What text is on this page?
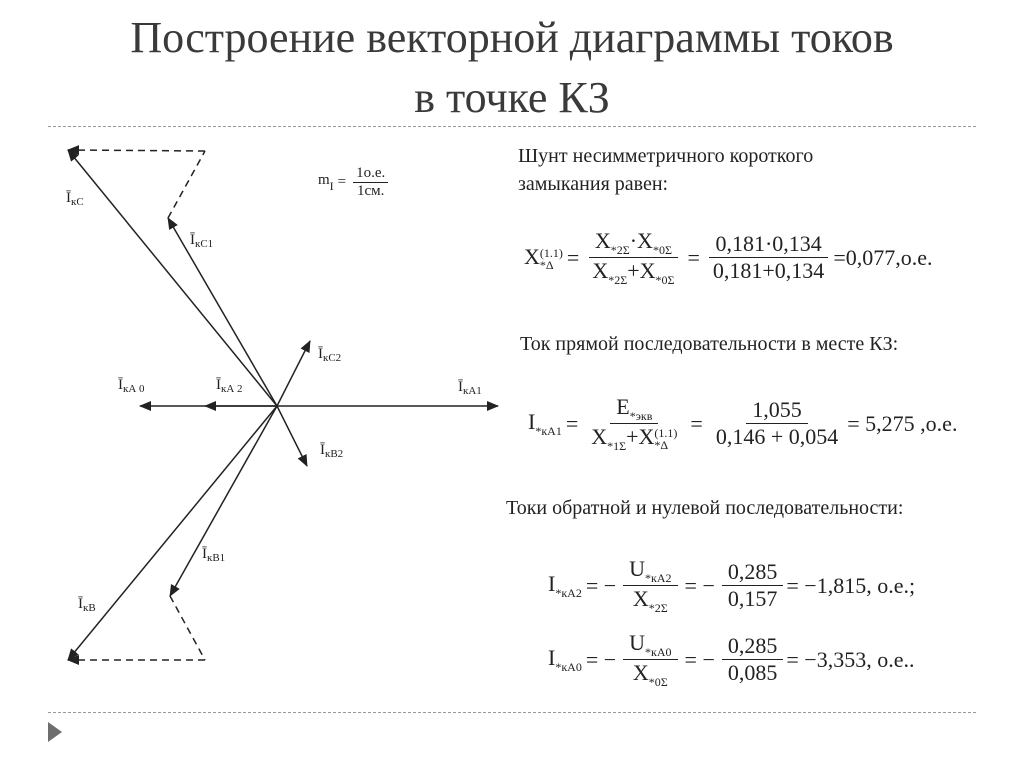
Построение векторной диаграммы токов
в точке КЗ
$Ī_{кС}$
$Ī_{кС1}$
$Ī_{кС2}$
$Ī_{кА 0}$	$Ī_{кА 2}$	$Ī_{кА1}$
$Ī_{кВ2}$
$Ī_{кВ1}$
$Ī_{кВ}$
$m_I = \frac{1о.е.}{1см.}$
Шунт несимметричного короткого
замыкания равен:
X (1.1)
$*\Delta = \frac{X_{*2\Sigma}\cdot X_{*0\Sigma}}{X_{*2\Sigma}+X_{*0\Sigma}} = \frac{0,181\cdot 0,134}{0,181+0,134} =0,077,о.е$.
Ток прямой последовательности в месте КЗ:
$I_{*кА1} = E_{*экв}$
$X_{*1\Sigma}+X$ (1.1)
$*\Delta = \frac{1,055}{0,146 + 0,054} = 5,275$ ,о.е.
Токи обратной и нулевой последовательности:
$I_{*кА2}$ = − $\frac{U_{*кА2}}{X_{*2\Sigma}}$ = − $\frac{0,285}{0,157} = -1,815$, о.е.;
$I_{*кА0}$ = − $\frac{U_{*кА0}}{X_{*0\Sigma}}$ = − $\frac{0,285}{0,085} = -3,353$, о.е..
